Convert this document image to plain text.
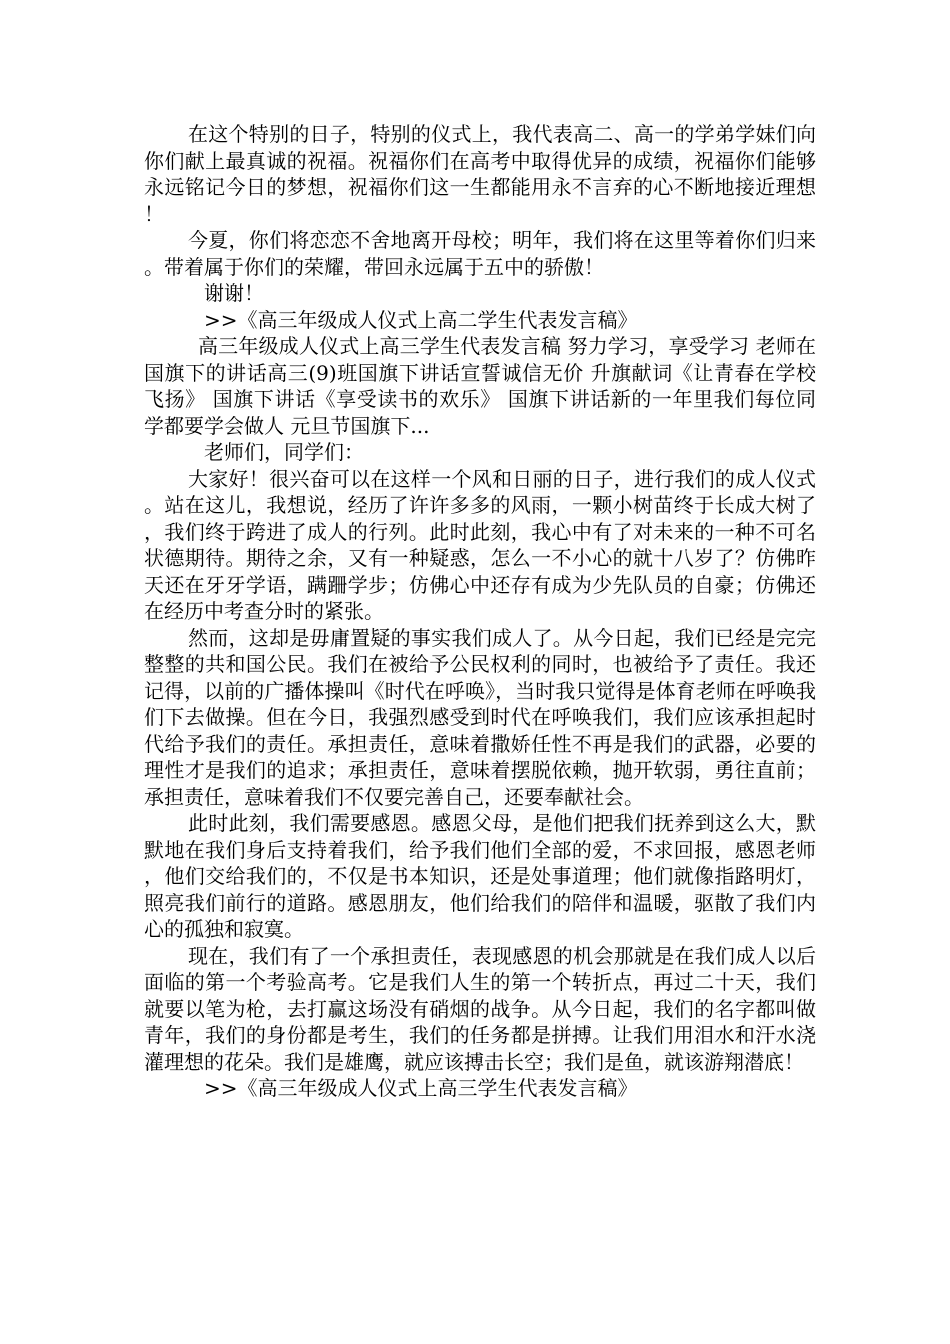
在这个特别的日子，特别的仪式上，我代表高二、高一的学弟学妹们向你们献上最真诚的祝福。祝福你们在高考中取得优异的成绩，祝福你们能够永远铭记今日的梦想，祝福你们这一生都能用永不言弃的心不断地接近理想！

今夏，你们将恋恋不舍地离开母校；明年，我们将在这里等着你们归来。带着属于你们的荣耀，带回永远属于五中的骄傲！

谢谢！

>>《高三年级成人仪式上高二学生代表发言稿》

高三年级成人仪式上高三学生代表发言稿 努力学习，享受学习 老师在国旗下的讲话高三(9)班国旗下讲话宣誓诚信无价 升旗献词《让青春在学校飞扬》 国旗下讲话《享受读书的欢乐》 国旗下讲话新的一年里我们每位同学都要学会做人 元旦节国旗下...

老师们，同学们：

大家好！很兴奋可以在这样一个风和日丽的日子，进行我们的成人仪式。站在这儿，我想说，经历了许许多多的风雨，一颗小树苗终于长成大树了，我们终于跨进了成人的行列。此时此刻，我心中有了对未来的一种不可名状德期待。期待之余，又有一种疑惑，怎么一不小心的就十八岁了？仿佛昨天还在牙牙学语，蹒跚学步；仿佛心中还存有成为少先队员的自豪；仿佛还在经历中考查分时的紧张。

然而，这却是毋庸置疑的事实我们成人了。从今日起，我们已经是完完整整的共和国公民。我们在被给予公民权利的同时，也被给予了责任。我还记得，以前的广播体操叫《时代在呼唤》，当时我只觉得是体育老师在呼唤我们下去做操。但在今日，我强烈感受到时代在呼唤我们，我们应该承担起时代给予我们的责任。承担责任，意味着撒娇任性不再是我们的武器，必要的理性才是我们的追求；承担责任，意味着摆脱依赖，抛开软弱，勇往直前；承担责任，意味着我们不仅要完善自己，还要奉献社会。

此时此刻，我们需要感恩。感恩父母，是他们把我们抚养到这么大，默默地在我们身后支持着我们，给予我们他们全部的爱，不求回报，感恩老师，他们交给我们的，不仅是书本知识，还是处事道理；他们就像指路明灯，照亮我们前行的道路。感恩朋友，他们给我们的陪伴和温暖，驱散了我们内心的孤独和寂寞。

现在，我们有了一个承担责任，表现感恩的机会那就是在我们成人以后面临的第一个考验高考。它是我们人生的第一个转折点，再过二十天，我们就要以笔为枪，去打赢这场没有硝烟的战争。从今日起，我们的名字都叫做青年，我们的身份都是考生，我们的任务都是拼搏。让我们用泪水和汗水浇灌理想的花朵。我们是雄鹰，就应该搏击长空；我们是鱼，就该游翔潜底！

>>《高三年级成人仪式上高三学生代表发言稿》
